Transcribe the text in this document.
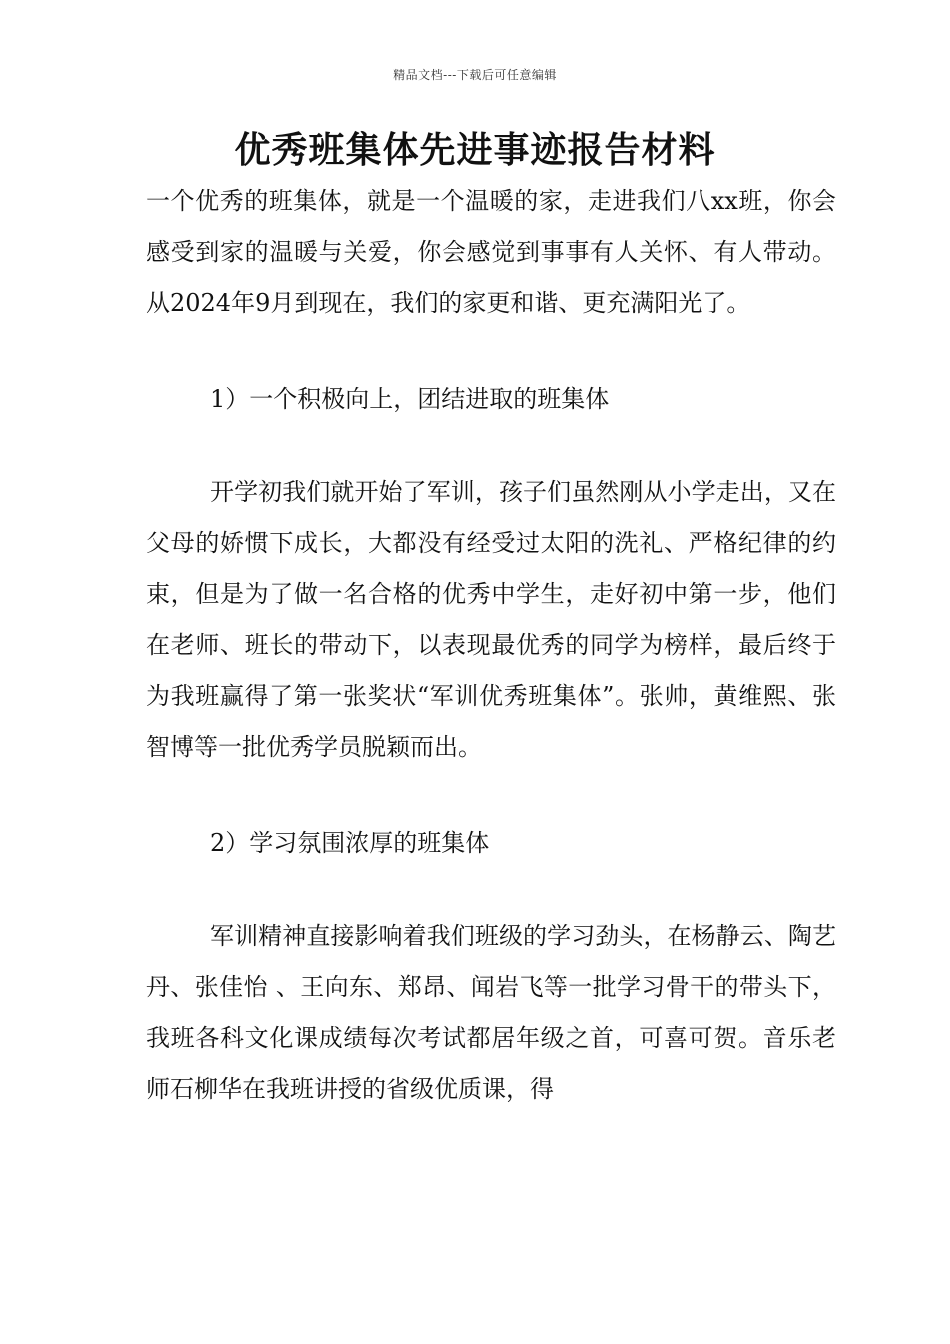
精品文档---下载后可任意编辑
优秀班集体先进事迹报告材料

一个优秀的班集体，就是一个温暖的家，走进我们八xx班，你会感受到家的温暖与关爱，你会感觉到事事有人关怀、有人带动。从2024年9月到现在，我们的家更和谐、更充满阳光了。

1）一个积极向上，团结进取的班集体

开学初我们就开始了军训，孩子们虽然刚从小学走出，又在父母的娇惯下成长，大都没有经受过太阳的洗礼、严格纪律的约束，但是为了做一名合格的优秀中学生，走好初中第一步，他们在老师、班长的带动下，以表现最优秀的同学为榜样，最后终于为我班赢得了第一张奖状“军训优秀班集体”。张帅，黄维熙、张智博等一批优秀学员脱颖而出。

2）学习氛围浓厚的班集体

军训精神直接影响着我们班级的学习劲头，在杨静云、陶艺丹、张佳怡 、王向东、郑昂、闻岩飞等一批学习骨干的带头下，我班各科文化课成绩每次考试都居年级之首，可喜可贺。音乐老师石柳华在我班讲授的省级优质课，得
